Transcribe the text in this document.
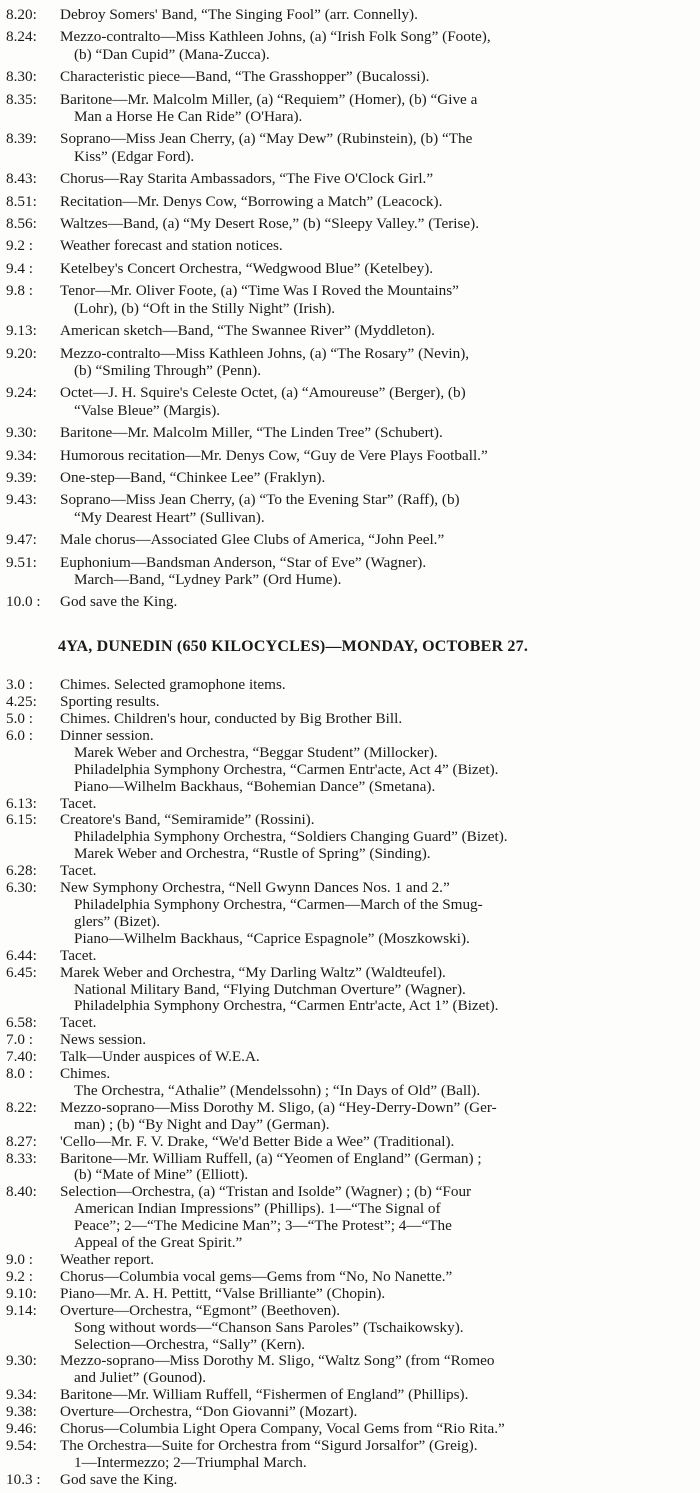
8.20:	Debroy Somers' Band, “The Singing Fool” (arr. Connelly).
8.24:	Mezzo-contralto—Miss Kathleen Johns, (a) “Irish Folk Song” (Foote),
(b) “Dan Cupid” (Mana-Zucca).
8.30:	Characteristic piece—Band, “The Grasshopper” (Bucalossi).
8.35:	Baritone—Mr. Malcolm Miller, (a) “Requiem” (Homer), (b) “Give a
Man a Horse He Can Ride” (O'Hara).
8.39:	Soprano—Miss Jean Cherry, (a) “May Dew” (Rubinstein), (b) “The
Kiss” (Edgar Ford).
8.43:	Chorus—Ray Starita Ambassadors, “The Five O'Clock Girl.”
8.51:	Recitation—Mr. Denys Cow, “Borrowing a Match” (Leacock).
8.56:	Waltzes—Band, (a) “My Desert Rose,” (b) “Sleepy Valley.” (Terise).
9.2 :	Weather forecast and station notices.
9.4 :	Ketelbey's Concert Orchestra, “Wedgwood Blue” (Ketelbey).
9.8 :	Tenor—Mr. Oliver Foote, (a) “Time Was I Roved the Mountains”
(Lohr), (b) “Oft in the Stilly Night” (Irish).
9.13:	American sketch—Band, “The Swannee River” (Myddleton).
9.20:	Mezzo-contralto—Miss Kathleen Johns, (a) “The Rosary” (Nevin),
(b) “Smiling Through” (Penn).
9.24:	Octet—J. H. Squire's Celeste Octet, (a) “Amoureuse” (Berger), (b)
“Valse Bleue” (Margis).
9.30:	Baritone—Mr. Malcolm Miller, “The Linden Tree” (Schubert).
9.34:	Humorous recitation—Mr. Denys Cow, “Guy de Vere Plays Football.”
9.39:	One-step—Band, “Chinkee Lee” (Fraklyn).
9.43:	Soprano—Miss Jean Cherry, (a) “To the Evening Star” (Raff), (b)
“My Dearest Heart” (Sullivan).
9.47:	Male chorus—Associated Glee Clubs of America, “John Peel.”
9.51:	Euphonium—Bandsman Anderson, “Star of Eve” (Wagner).
March—Band, “Lydney Park” (Ord Hume).
10.0 :	God save the King.
4YA, DUNEDIN (650 KILOCYCLES)—MONDAY, OCTOBER 27.
3.0 :	Chimes. Selected gramophone items.
4.25:	Sporting results.
5.0 :	Chimes. Children's hour, conducted by Big Brother Bill.
6.0 :	Dinner session.
Marek Weber and Orchestra, “Beggar Student” (Millocker).
Philadelphia Symphony Orchestra, “Carmen Entr'acte, Act 4” (Bizet).
Piano—Wilhelm Backhaus, “Bohemian Dance” (Smetana).
6.13:	Tacet.
6.15:	Creatore's Band, “Semiramide” (Rossini).
Philadelphia Symphony Orchestra, “Soldiers Changing Guard” (Bizet).
Marek Weber and Orchestra, “Rustle of Spring” (Sinding).
6.28:	Tacet.
6.30:	New Symphony Orchestra, “Nell Gwynn Dances Nos. 1 and 2.”
Philadelphia Symphony Orchestra, “Carmen—March of the Smug-
glers” (Bizet).
Piano—Wilhelm Backhaus, “Caprice Espagnole” (Moszkowski).
6.44:	Tacet.
6.45:	Marek Weber and Orchestra, “My Darling Waltz” (Waldteufel).
National Military Band, “Flying Dutchman Overture” (Wagner).
Philadelphia Symphony Orchestra, “Carmen Entr'acte, Act 1” (Bizet).
6.58:	Tacet.
7.0 :	News session.
7.40:	Talk—Under auspices of W.E.A.
8.0 :	Chimes.
The Orchestra, “Athalie” (Mendelssohn) ; “In Days of Old” (Ball).
8.22:	Mezzo-soprano—Miss Dorothy M. Sligo, (a) “Hey-Derry-Down” (Ger-
man) ; (b) “By Night and Day” (German).
8.27:	'Cello—Mr. F. V. Drake, “We'd Better Bide a Wee” (Traditional).
8.33:	Baritone—Mr. William Ruffell, (a) “Yeomen of England” (German) ;
(b) “Mate of Mine” (Elliott).
8.40:	Selection—Orchestra, (a) “Tristan and Isolde” (Wagner) ; (b) “Four
American Indian Impressions” (Phillips). 1—“The Signal of
Peace”; 2—“The Medicine Man”; 3—“The Protest”; 4—“The
Appeal of the Great Spirit.”
9.0 :	Weather report.
9.2 :	Chorus—Columbia vocal gems—Gems from “No, No Nanette.”
9.10:	Piano—Mr. A. H. Pettitt, “Valse Brilliante” (Chopin).
9.14:	Overture—Orchestra, “Egmont” (Beethoven).
Song without words—“Chanson Sans Paroles” (Tschaikowsky).
Selection—Orchestra, “Sally” (Kern).
9.30:	Mezzo-soprano—Miss Dorothy M. Sligo, “Waltz Song” (from “Romeo
and Juliet” (Gounod).
9.34:	Baritone—Mr. William Ruffell, “Fishermen of England” (Phillips).
9.38:	Overture—Orchestra, “Don Giovanni” (Mozart).
9.46:	Chorus—Columbia Light Opera Company, Vocal Gems from “Rio Rita.”
9.54:	The Orchestra—Suite for Orchestra from “Sigurd Jorsalfor” (Greig).
1—Intermezzo; 2—Triumphal March.
10.3 :	God save the King.
